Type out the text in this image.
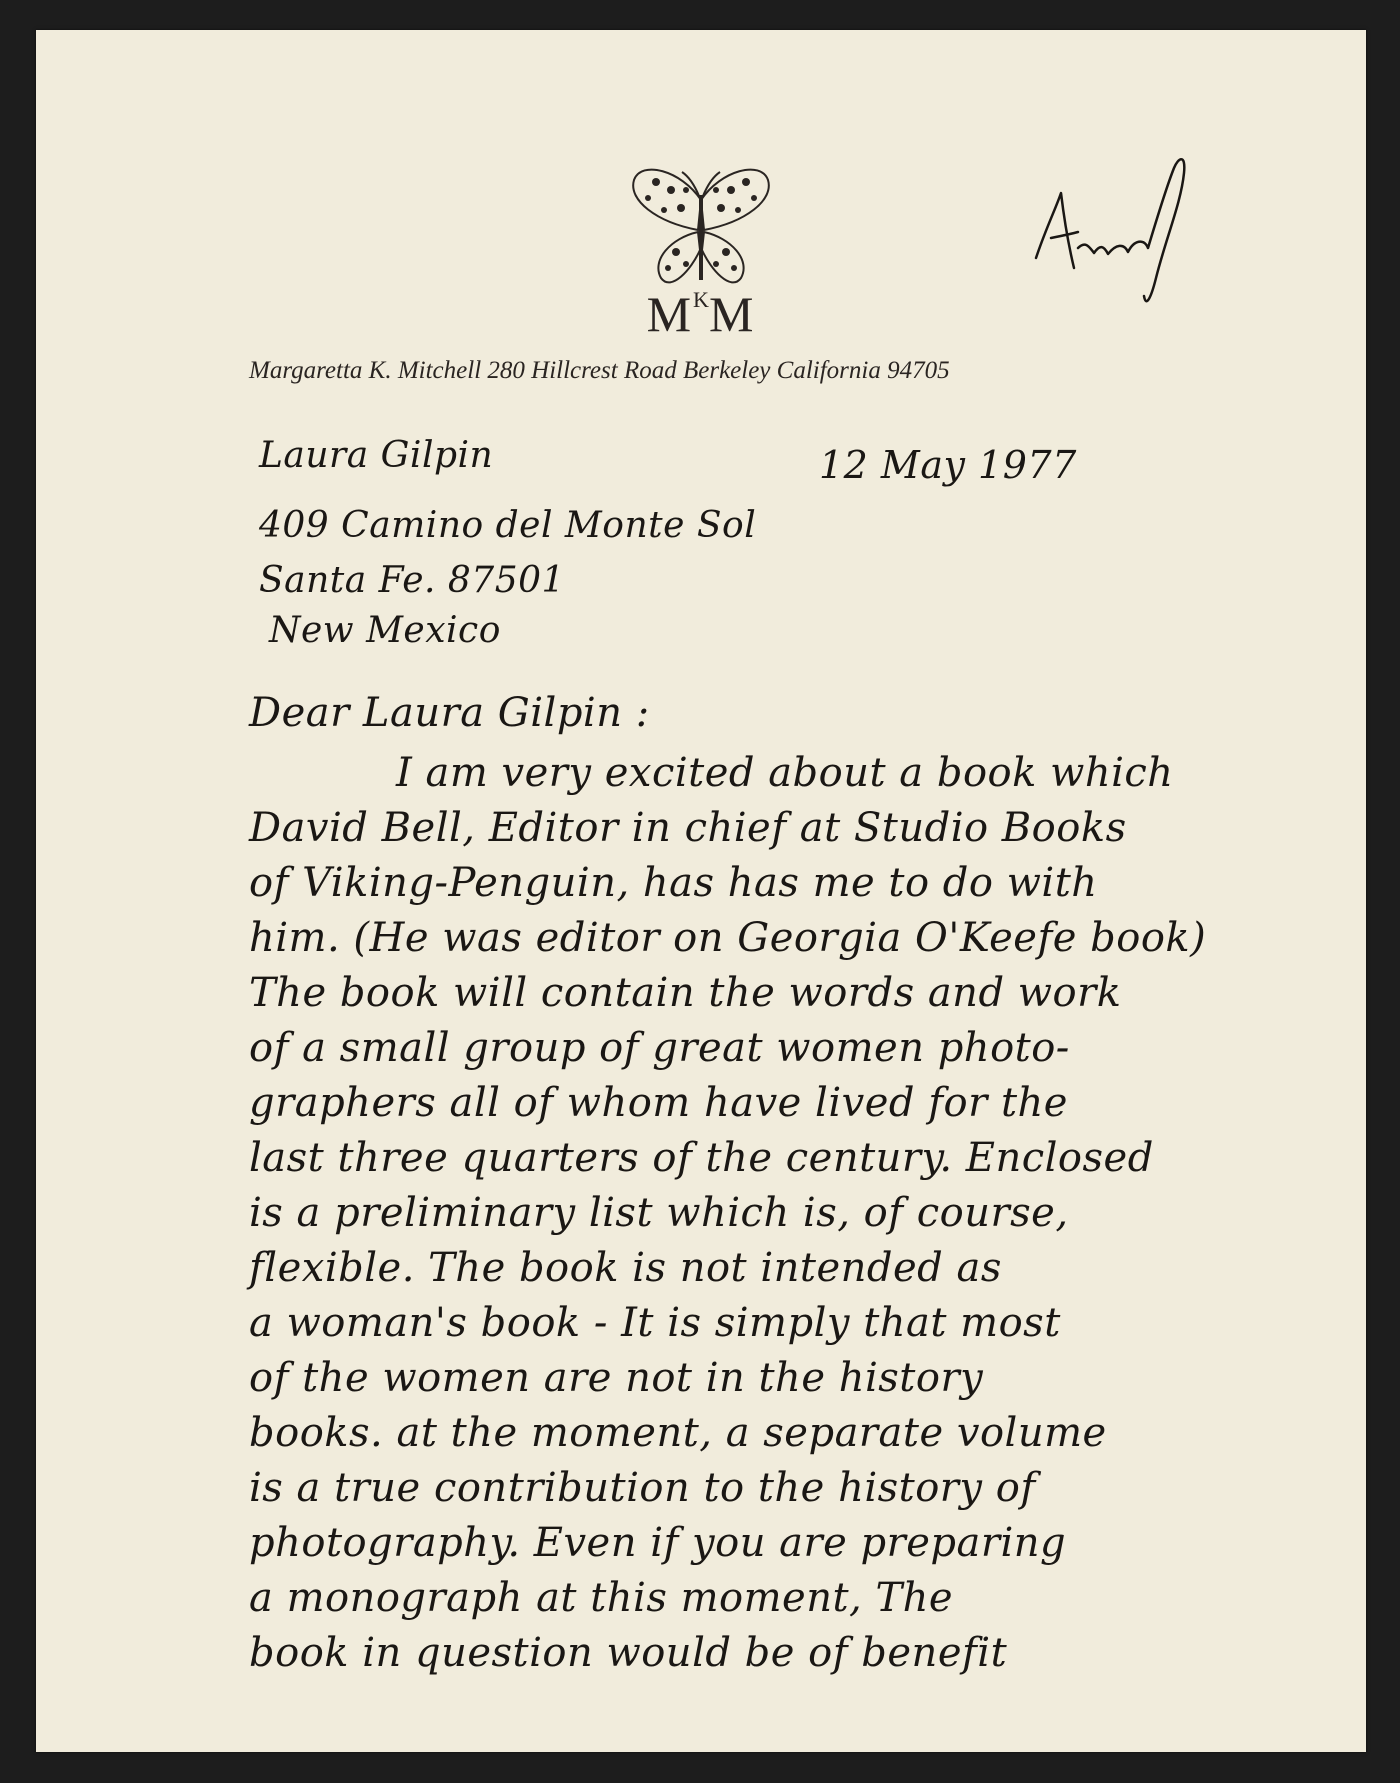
$M^KM$
Margaretta K. Mitchell 280 Hillcrest Road Berkeley California 94705
12 May 1977
Laura Gilpin
409 Camino del Monte Sol
Santa Fe. 87501
New Mexico
Dear Laura Gilpin :
I am very excited about a book which
David Bell, Editor in chief at Studio Books
of Viking-Penguin, has has me to do with
him. (He was editor on Georgia O'Keefe book)
The book will contain the words and work
of a small group of great women photo-
graphers all of whom have lived for the
last three quarters of the century. Enclosed
is a preliminary list which is, of course,
flexible. The book is not intended as
a woman's book - It is simply that most
of the women are not in the history
books. at the moment, a separate volume
is a true contribution to the history of
photography. Even if you are preparing
a monograph at this moment, The
book in question would be of benefit
